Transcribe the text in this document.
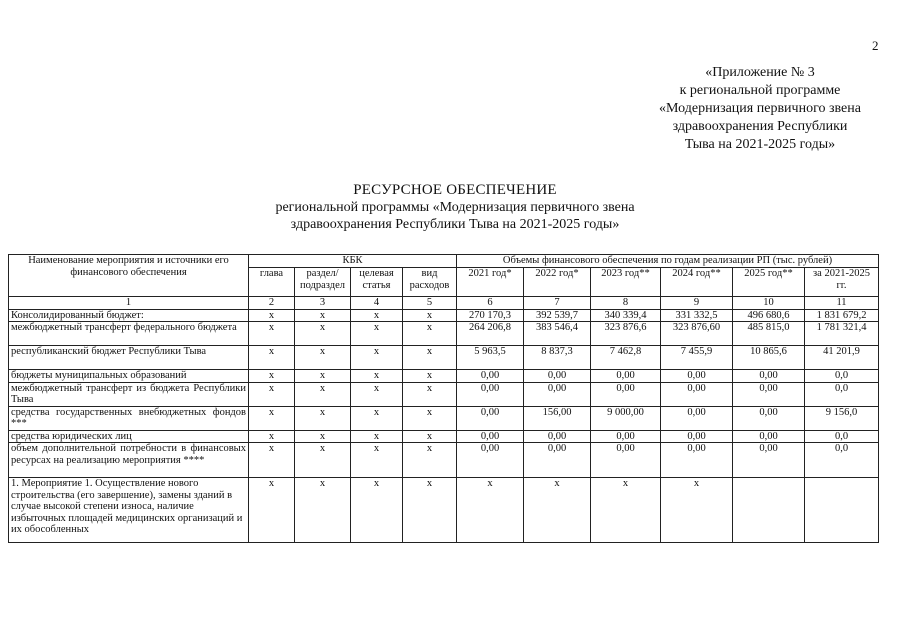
2
«Приложение № 3
к региональной программе
«Модернизация первичного звена
здравоохранения Республики
Тыва на 2021-2025 годы»
РЕСУРСНОЕ ОБЕСПЕЧЕНИЕ
региональной программы «Модернизация первичного звена
здравоохранения Республики Тыва на 2021-2025 годы»
Наименование мероприятия и источники его финансового обеспечения	КБК				Объемы финансового обеспечения по годам реализации РП (тыс. рублей)					
	глава	раздел/ подраздел	целевая статья	вид расходов	2021 год*	2022 год*	2023 год**	2024 год**	2025 год**	за 2021-2025 гг.
1	2	3	4	5	6	7	8	9	10	11
Консолидированный бюджет:	x	x	x	x	270 170,3	392 539,7	340 339,4	331 332,5	496 680,6	1 831 679,2
межбюджетный трансферт федерального бюджета	x	x	x	x	264 206,8	383 546,4	323 876,6	323 876,60	485 815,0	1 781 321,4
республиканский бюджет Республики Тыва	x	x	x	x	5 963,5	8 837,3	7 462,8	7 455,9	10 865,6	41 201,9
бюджеты муниципальных образований	x	x	x	x	0,00	0,00	0,00	0,00	0,00	0,0
межбюджетный трансферт из бюджета Республики Тыва	x	x	x	x	0,00	0,00	0,00	0,00	0,00	0,0
средства государственных внебюджетных фондов ***	x	x	x	x	0,00	156,00	9 000,00	0,00	0,00	9 156,0
средства юридических лиц	x	x	x	x	0,00	0,00	0,00	0,00	0,00	0,0
объем дополнительной потребности в финансовых ресурсах на реализацию мероприятия ****	x	x	x	x	0,00	0,00	0,00	0,00	0,00	0,0
1. Мероприятие 1. Осуществление нового строительства (его завершение), замены зданий в случае высокой степени износа, наличие избыточных площадей медицинских организаций и их обособленных	x	x	x	x	x	x	x	x		
